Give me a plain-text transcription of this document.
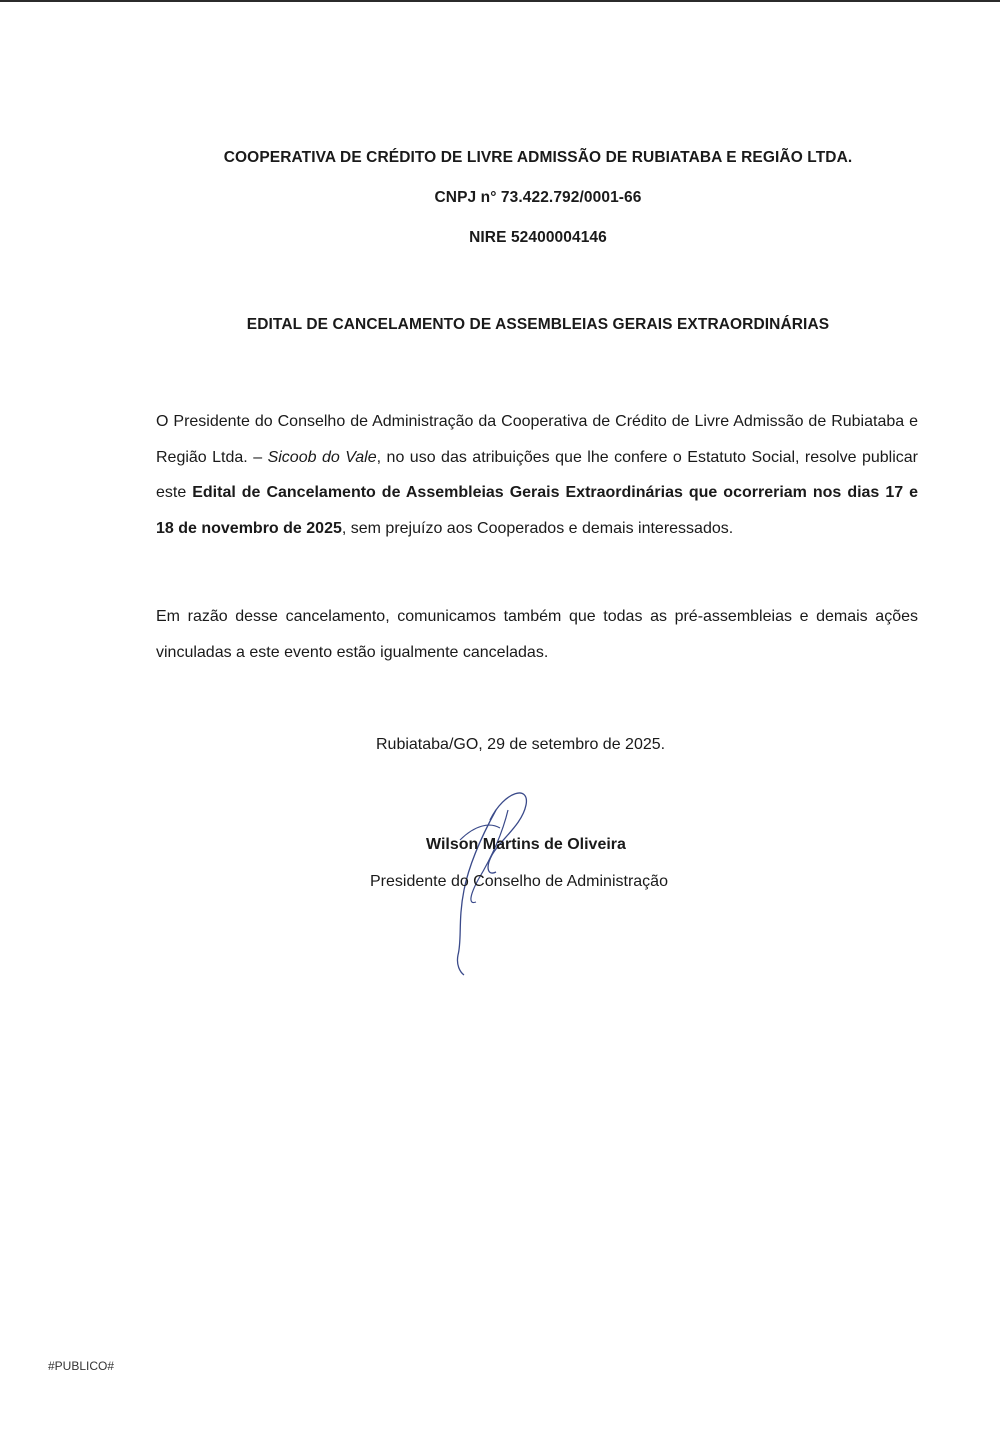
COOPERATIVA DE CRÉDITO DE LIVRE ADMISSÃO DE RUBIATABA E REGIÃO LTDA.
CNPJ n° 73.422.792/0001-66
NIRE 52400004146
EDITAL DE CANCELAMENTO DE ASSEMBLEIAS GERAIS EXTRAORDINÁRIAS
O Presidente do Conselho de Administração da Cooperativa de Crédito de Livre Admissão de Rubiataba e Região Ltda. – Sicoob do Vale, no uso das atribuições que lhe confere o Estatuto Social, resolve publicar este Edital de Cancelamento de Assembleias Gerais Extraordinárias que ocorreriam nos dias 17 e 18 de novembro de 2025, sem prejuízo aos Cooperados e demais interessados.
Em razão desse cancelamento, comunicamos também que todas as pré-assembleias e demais ações vinculadas a este evento estão igualmente canceladas.
Rubiataba/GO, 29 de setembro de 2025.
Wilson Martins de Oliveira
Presidente do Conselho de Administração
#PUBLICO#
